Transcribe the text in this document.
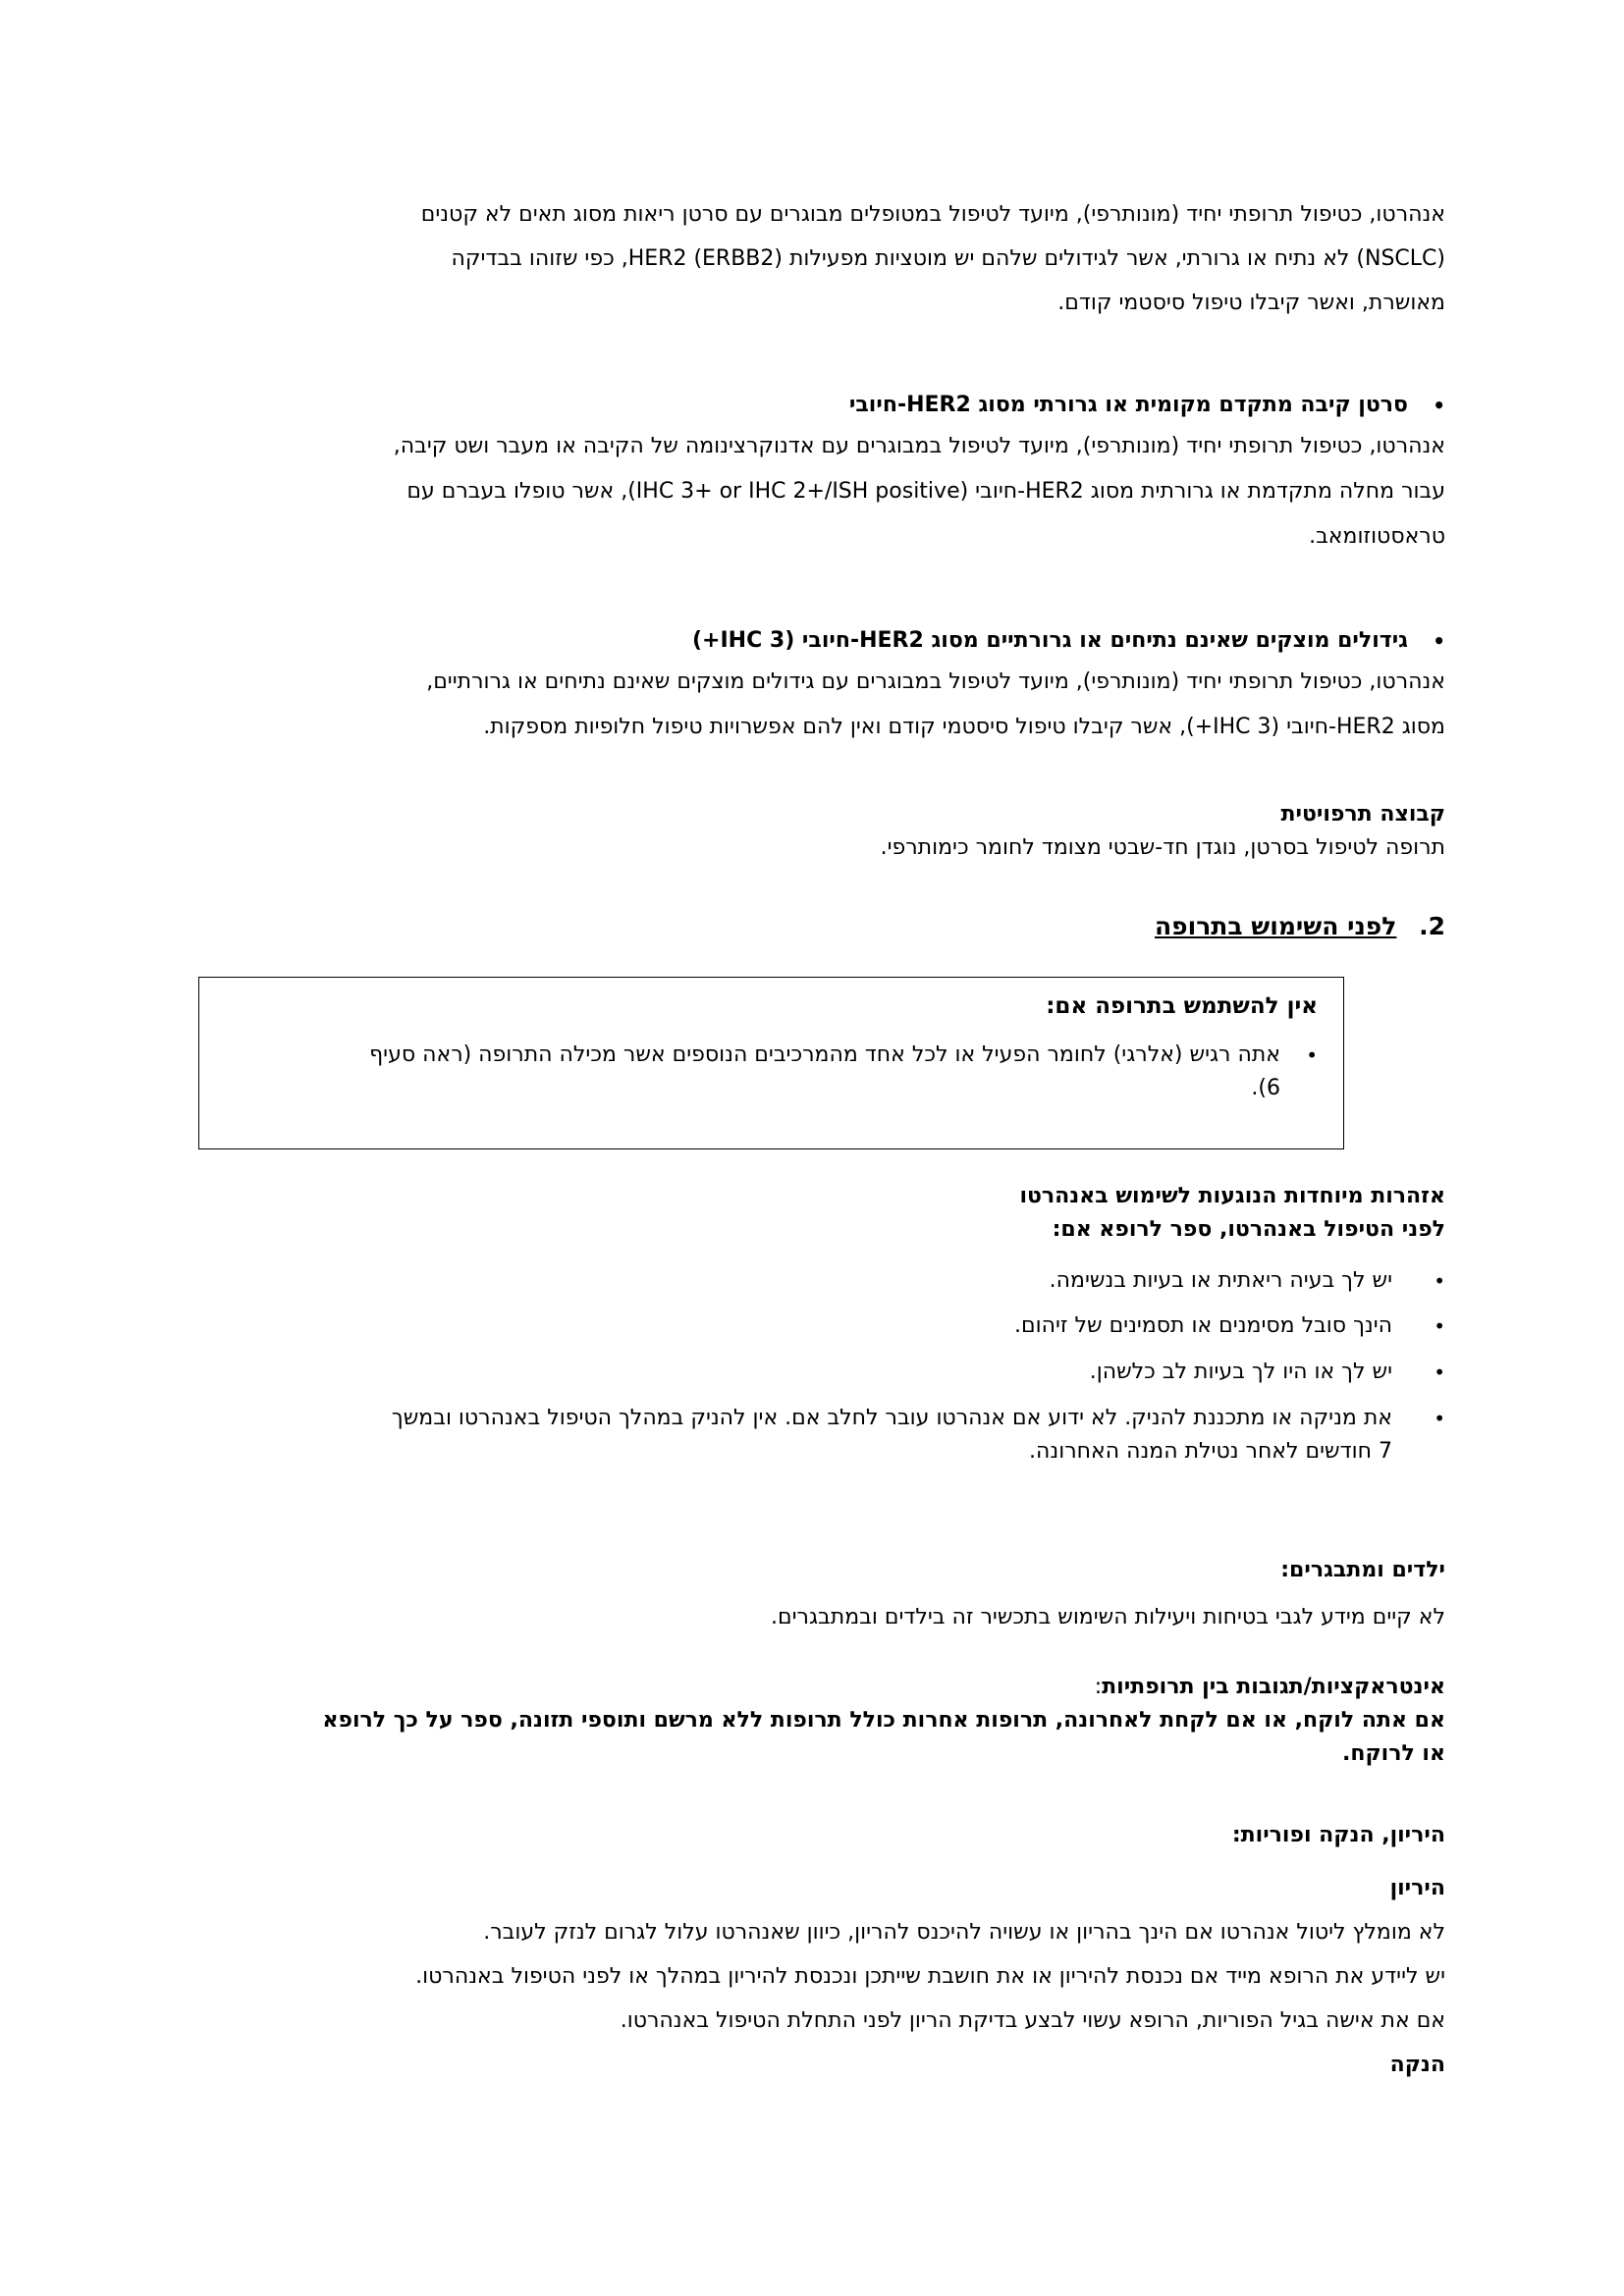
אנהרטו, כטיפול תרופתי יחיד (מונותרפי), מיועד לטיפול במטופלים מבוגרים עם סרטן ריאות מסוג תאים לא קטנים
(NSCLC) לא נתיח או גרורתי, אשר לגידולים שלהם יש מוטציות מפעילות HER2 (ERBB2), כפי שזוהו בבדיקה
מאושרת, ואשר קיבלו טיפול סיסטמי קודם.
•
סרטן קיבה מתקדם מקומית או גרורתי מסוג HER2-חיובי
אנהרטו, כטיפול תרופתי יחיד (מונותרפי), מיועד לטיפול במבוגרים עם אדנוקרצינומה של הקיבה או מעבר ושט קיבה,
עבור מחלה מתקדמת או גרורתית מסוג HER2-חיובי (IHC 3+ or IHC 2+/ISH positive), אשר טופלו בעברם עם
טראסטוזומאב.
•
גידולים מוצקים שאינם נתיחים או גרורתיים מסוג HER2-חיובי (IHC 3+)
אנהרטו, כטיפול תרופתי יחיד (מונותרפי), מיועד לטיפול במבוגרים עם גידולים מוצקים שאינם נתיחים או גרורתיים,
מסוג HER2-חיובי (IHC 3+), אשר קיבלו טיפול סיסטמי קודם ואין להם אפשרויות טיפול חלופיות מספקות.
קבוצה תרפויטית
תרופה לטיפול בסרטן, נוגדן חד-שבטי מצומד לחומר כימותרפי.
2. לפני השימוש בתרופה
אין להשתמש בתרופה אם:
•
אתה רגיש (אלרגי) לחומר הפעיל או לכל אחד מהמרכיבים הנוספים אשר מכילה התרופה (ראה סעיף
6).
אזהרות מיוחדות הנוגעות לשימוש באנהרטו
לפני הטיפול באנהרטו, ספר לרופא אם:
•
יש לך בעיה ריאתית או בעיות בנשימה.
•
הינך סובל מסימנים או תסמינים של זיהום.
•
יש לך או היו לך בעיות לב כלשהן.
•
את מניקה או מתכננת להניק. לא ידוע אם אנהרטו עובר לחלב אם. אין להניק במהלך הטיפול באנהרטו ובמשך
7 חודשים לאחר נטילת המנה האחרונה.
ילדים ומתבגרים:
לא קיים מידע לגבי בטיחות ויעילות השימוש בתכשיר זה בילדים ובמתבגרים.
אינטראקציות/תגובות בין תרופתיות:
אם אתה לוקח, או אם לקחת לאחרונה, תרופות אחרות כולל תרופות ללא מרשם ותוספי תזונה, ספר על כך לרופא
או לרוקח.
היריון, הנקה ופוריות:
היריון
לא מומלץ ליטול אנהרטו אם הינך בהריון או עשויה להיכנס להריון, כיוון שאנהרטו עלול לגרום לנזק לעובר.
יש ליידע את הרופא מייד אם נכנסת להיריון או את חושבת שייתכן ונכנסת להיריון במהלך או לפני הטיפול באנהרטו.
אם את אישה בגיל הפוריות, הרופא עשוי לבצע בדיקת הריון לפני התחלת הטיפול באנהרטו.
הנקה
